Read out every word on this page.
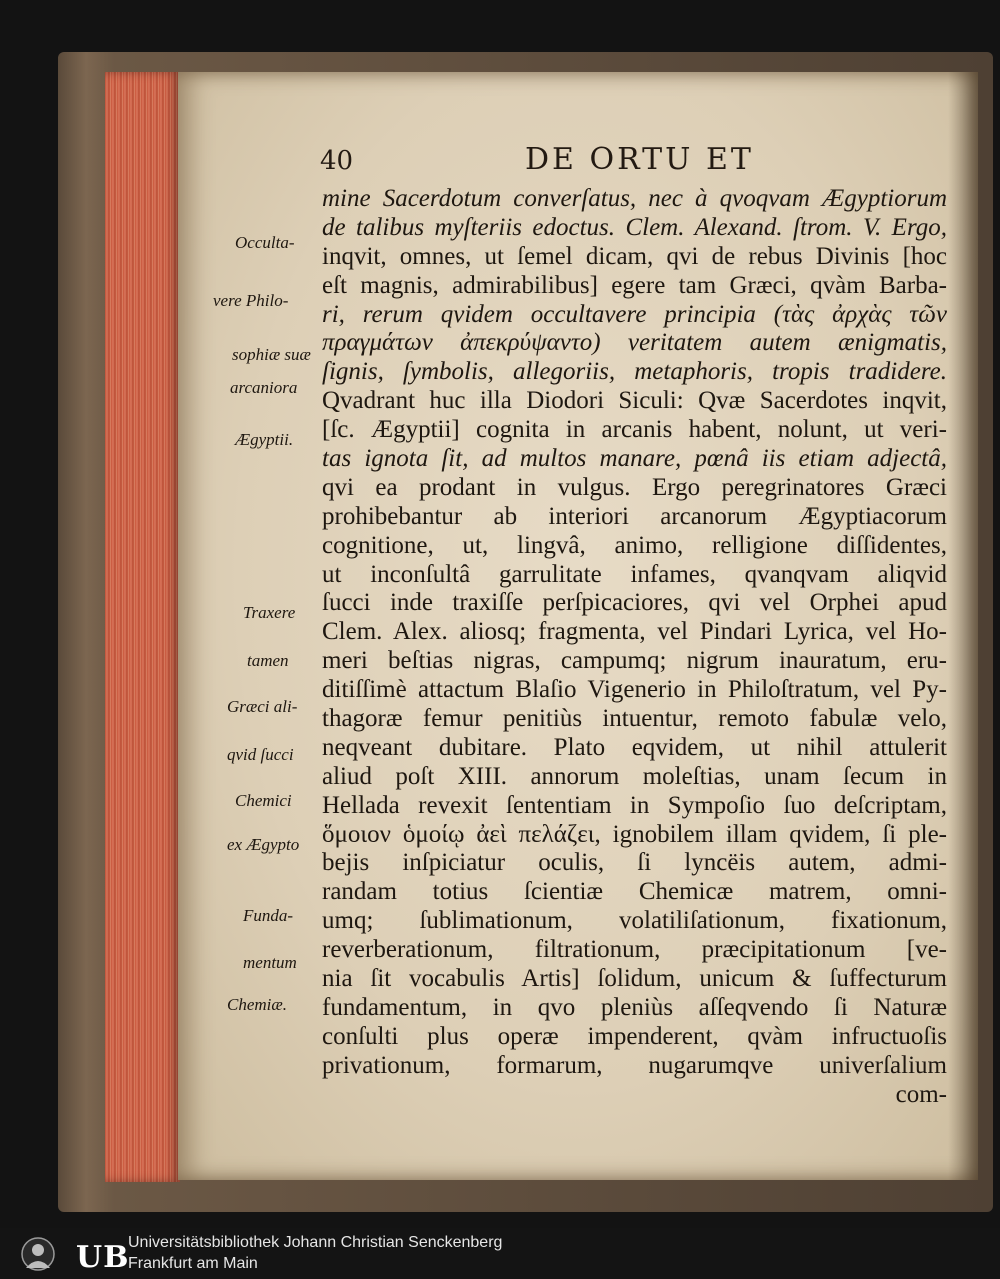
40	DE ORTU ET
Occulta-
vere Philo-
sophiæ suæ
arcaniora
Ægyptii.
Traxere
tamen
Græci ali-
qvid ſucci
Chemici
ex Ægypto
Funda-
mentum
Chemiæ.
mine Sacerdotum converſatus, nec à qvoqvam Ægyptiorum
de talibus myſteriis edoctus. Clem. Alexand. ſtrom. V. Ergo,
inqvit, omnes, ut ſemel dicam, qvi de rebus Divinis [hoc
eſt magnis, admirabilibus] egere tam Græci, qvàm Barba-
ri, rerum qvidem occultavere principia (τὰς ἀρχὰς τῶν
πραγμάτων ἀπεκρύψαντο) veritatem autem ænigmatis,
ſignis, ſymbolis, allegoriis, metaphoris, tropis tradidere.
Qvadrant huc illa Diodori Siculi: Qvæ Sacerdotes inqvit,
[ſc. Ægyptii] cognita in arcanis habent, nolunt, ut veri-
tas ignota ſit, ad multos manare, pœnâ iis etiam adjectâ,
qvi ea prodant in vulgus. Ergo peregrinatores Græci
prohibebantur ab interiori arcanorum Ægyptiacorum
cognitione, ut, lingvâ, animo, relligione diſſidentes,
ut inconſultâ garrulitate infames, qvanqvam aliqvid
ſucci inde traxiſſe perſpicaciores, qvi vel Orphei apud
Clem. Alex. aliosq; fragmenta, vel Pindari Lyrica, vel Ho-
meri beſtias nigras, campumq; nigrum inauratum, eru-
ditiſſimè attactum Blaſio Vigenerio in Philoſtratum, vel Py-
thagoræ femur penitiùs intuentur, remoto fabulæ velo,
neqveant dubitare. Plato eqvidem, ut nihil attulerit
aliud poſt XIII. annorum moleſtias, unam ſecum in
Hellada revexit ſententiam in Sympoſio ſuo deſcriptam,
ὅμοιον ὁμοίῳ ἀεὶ πελάζει, ignobilem illam qvidem, ſi ple-
bejis inſpiciatur oculis, ſi lyncëis autem, admi-
randam totius ſcientiæ Chemicæ matrem, omni-
umq; ſublimationum, volatiliſationum, fixationum,
reverberationum, filtrationum, præcipitationum [ve-
nia ſit vocabulis Artis] ſolidum, unicum & ſuffecturum
fundamentum, in qvo pleniùs aſſeqvendo ſi Naturæ
conſulti plus operæ impenderent, qvàm infructuoſis
privationum, formarum, nugarumqve univerſalium
com-
UB
Universitätsbibliothek Johann Christian Senckenberg
Frankfurt am Main
